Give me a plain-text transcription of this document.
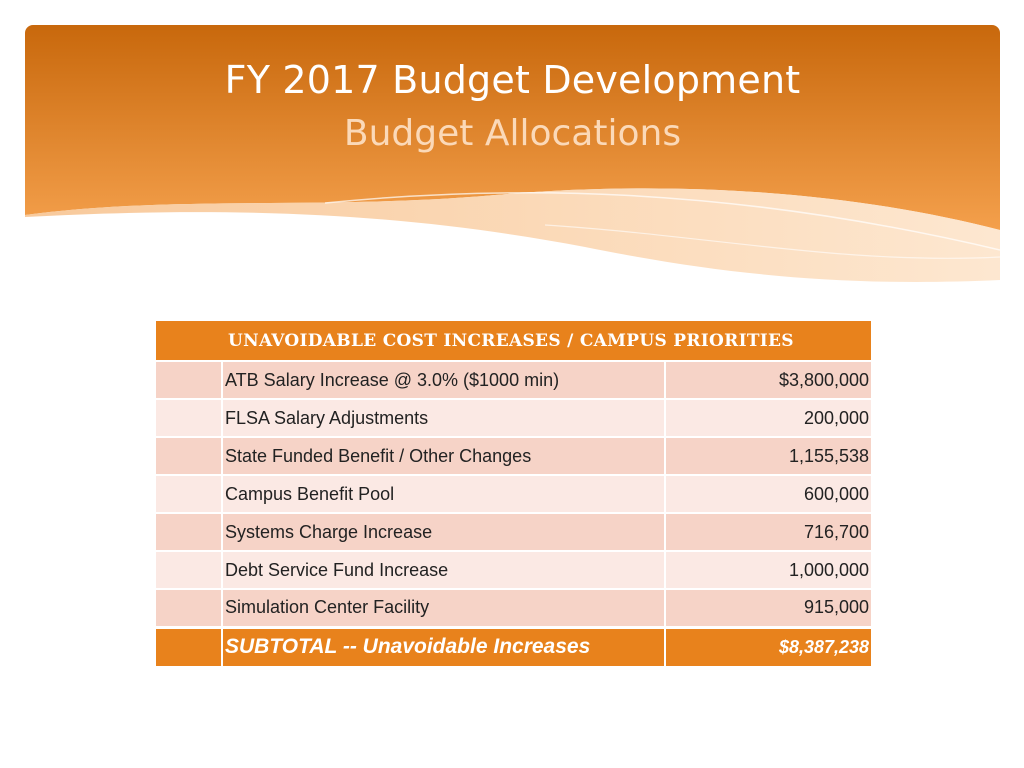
FY 2017 Budget Development
Budget Allocations
UNAVOIDABLE COST INCREASES / CAMPUS PRIORITIES		
	ATB Salary Increase @ 3.0% ($1000 min)	$3,800,000
	FLSA Salary Adjustments	200,000
	State Funded Benefit / Other Changes	1,155,538
	Campus Benefit Pool	600,000
	Systems Charge Increase	716,700
	Debt Service Fund Increase	1,000,000
	Simulation Center Facility	915,000
	SUBTOTAL -- Unavoidable Increases	$8,387,238
